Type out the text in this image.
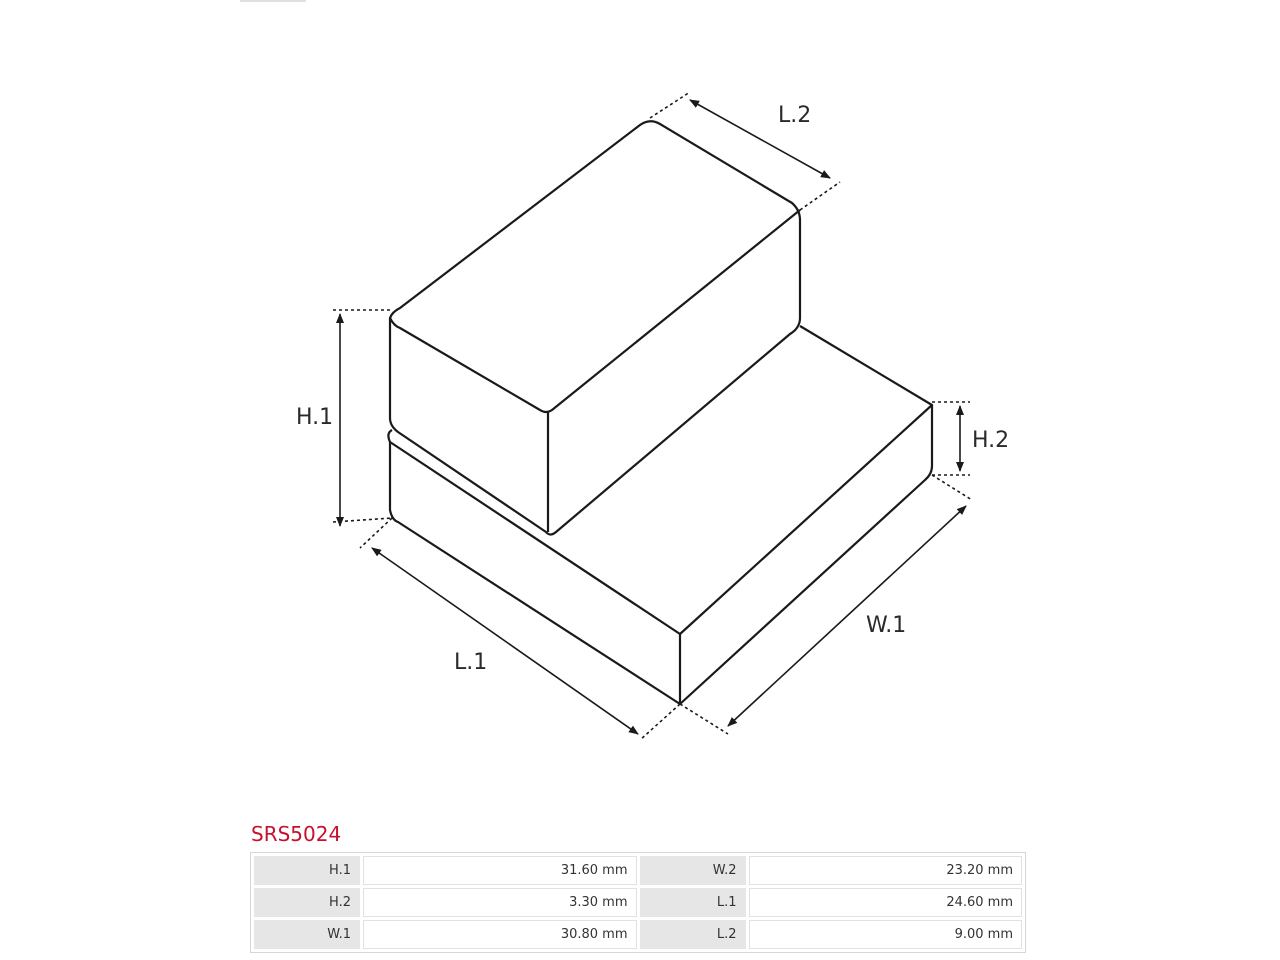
L.2
H.1
H.2
L.1
W.1
SRS5024
H.1	31.60 mm	W.2	23.20 mm
H.2	3.30 mm	L.1	24.60 mm
W.1	30.80 mm	L.2	9.00 mm
